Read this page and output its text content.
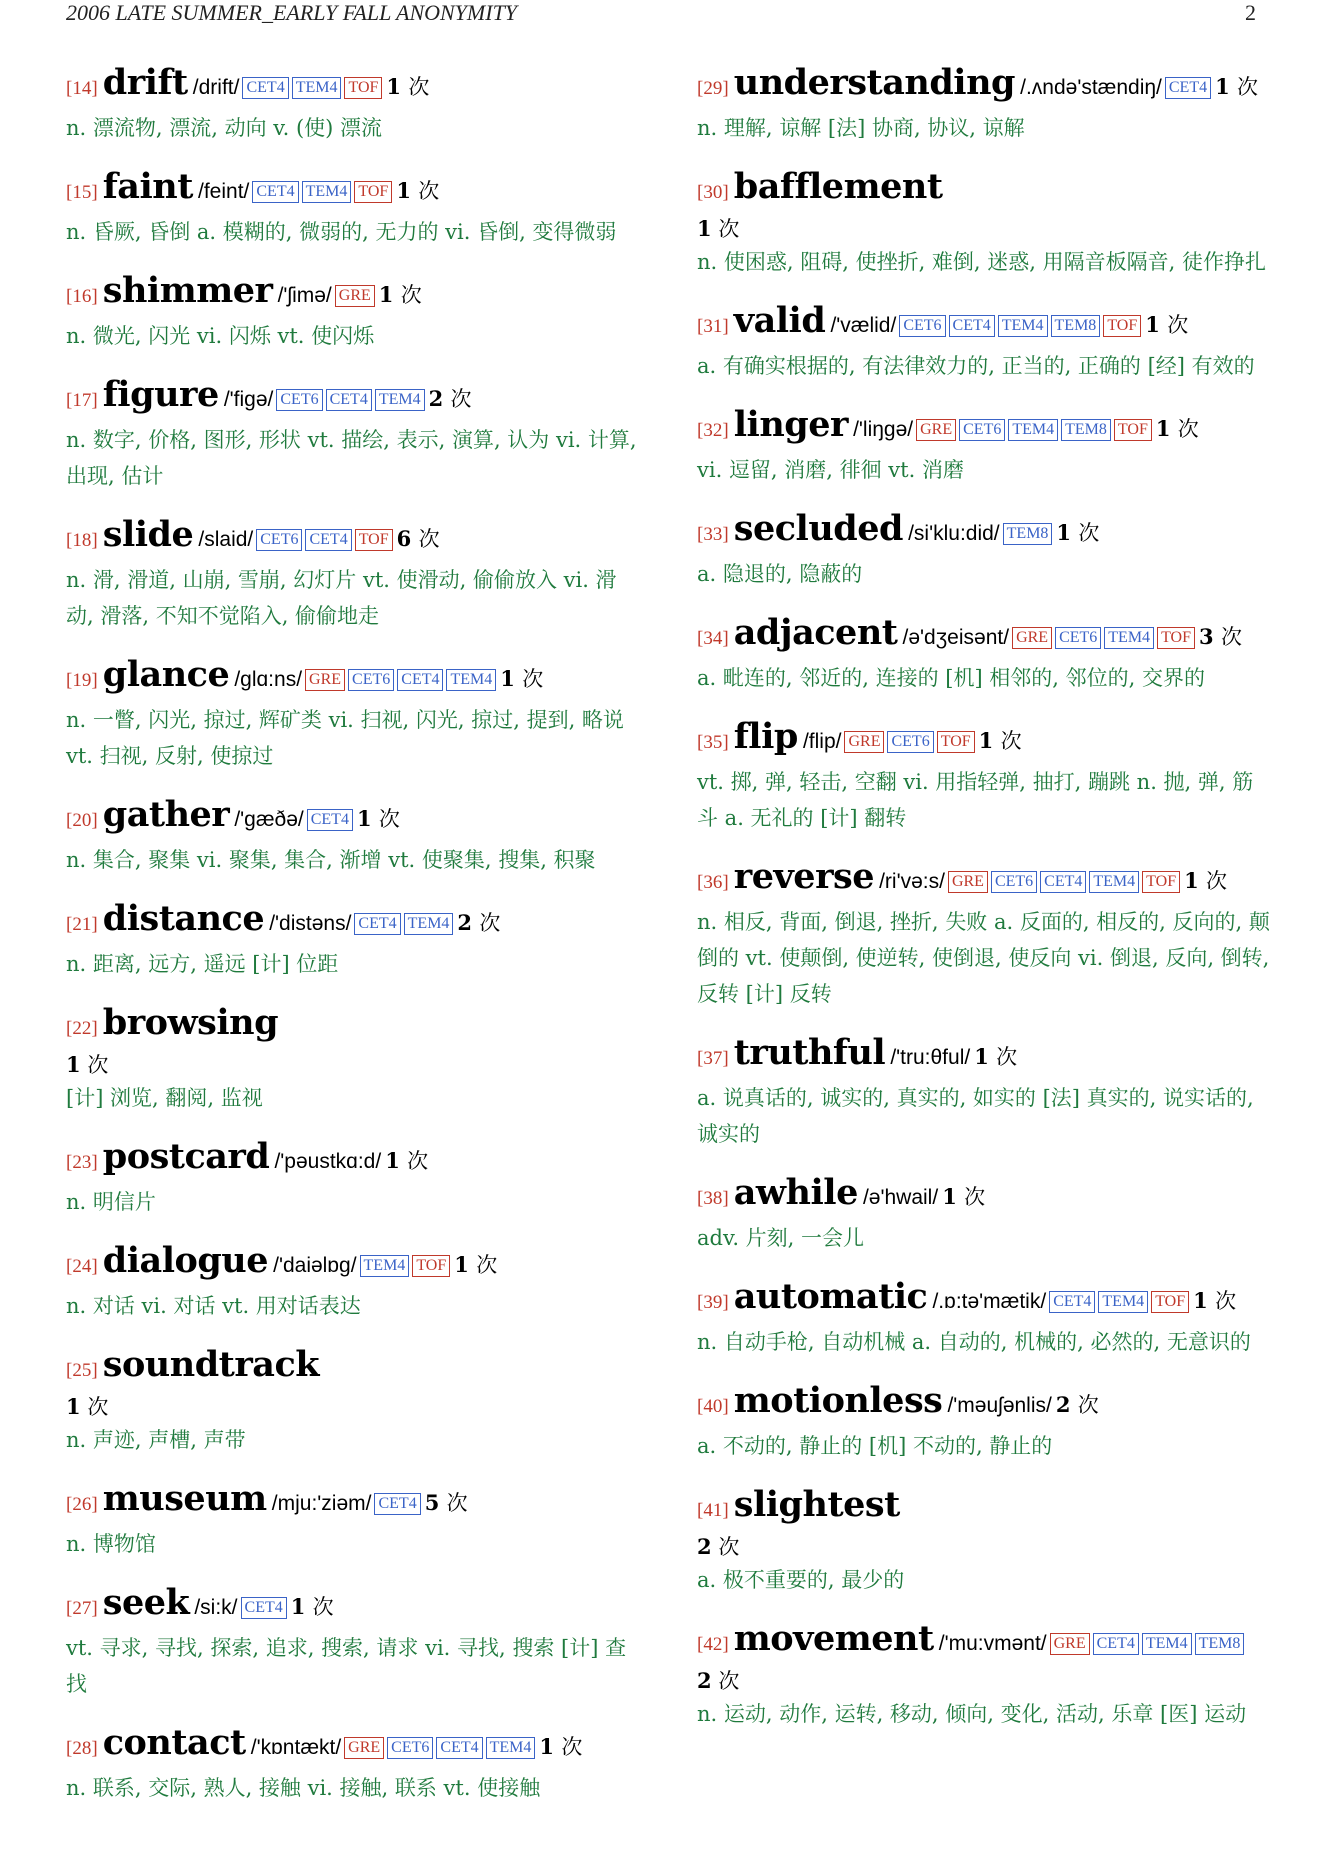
2006 LATE SUMMER_EARLY FALL ANONYMITY	2
[14] drift /drift/ CET4 TEM4 TOF 1 次
n. 漂流物, 漂流, 动向 v. (使) 漂流
[15] faint /feint/ CET4 TEM4 TOF 1 次
n. 昏厥, 昏倒 a. 模糊的, 微弱的, 无力的 vi. 昏倒, 变得微弱
[16] shimmer /'ʃimə/ GRE 1 次
n. 微光, 闪光 vi. 闪烁 vt. 使闪烁
[17] figure /'figə/ CET6 CET4 TEM4 2 次
n. 数字, 价格, 图形, 形状 vt. 描绘, 表示, 演算, 认为 vi. 计算, 出现, 估计
[18] slide /slaid/ CET6 CET4 TOF 6 次
n. 滑, 滑道, 山崩, 雪崩, 幻灯片 vt. 使滑动, 偷偷放入 vi. 滑动, 滑落, 不知不觉陷入, 偷偷地走
[19] glance /glɑ:ns/ GRE CET6 CET4 TEM4 1 次
n. 一瞥, 闪光, 掠过, 辉矿类 vi. 扫视, 闪光, 掠过, 提到, 略说 vt. 扫视, 反射, 使掠过
[20] gather /'gæðə/ CET4 1 次
n. 集合, 聚集 vi. 聚集, 集合, 渐增 vt. 使聚集, 搜集, 积聚
[21] distance /'distəns/ CET4 TEM4 2 次
n. 距离, 远方, 遥远 [计] 位距
[22] browsing
1 次
[计] 浏览, 翻阅, 监视
[23] postcard /'pəustkɑ:d/ 1 次
n. 明信片
[24] dialogue /'daiəlɒg/ TEM4 TOF 1 次
n. 对话 vi. 对话 vt. 用对话表达
[25] soundtrack
1 次
n. 声迹, 声槽, 声带
[26] museum /mju:'ziəm/ CET4 5 次
n. 博物馆
[27] seek /si:k/ CET4 1 次
vt. 寻求, 寻找, 探索, 追求, 搜索, 请求 vi. 寻找, 搜索 [计] 查找
[28] contact /'kɒntækt/ GRE CET6 CET4 TEM4 1 次
n. 联系, 交际, 熟人, 接触 vi. 接触, 联系 vt. 使接触
[29] understanding /.ʌndə'stændiŋ/ CET4 1 次
n. 理解, 谅解 [法] 协商, 协议, 谅解
[30] bafflement
1 次
n. 使困惑, 阻碍, 使挫折, 难倒, 迷惑, 用隔音板隔音, 徒作挣扎
[31] valid /'vælid/ CET6 CET4 TEM4 TEM8 TOF 1 次
a. 有确实根据的, 有法律效力的, 正当的, 正确的 [经] 有效的
[32] linger /'liŋgə/ GRE CET6 TEM4 TEM8 TOF 1 次
vi. 逗留, 消磨, 徘徊 vt. 消磨
[33] secluded /si'klu:did/ TEM8 1 次
a. 隐退的, 隐蔽的
[34] adjacent /ə'dʒeisənt/ GRE CET6 TEM4 TOF 3 次
a. 毗连的, 邻近的, 连接的 [机] 相邻的, 邻位的, 交界的
[35] flip /flip/ GRE CET6 TOF 1 次
vt. 掷, 弹, 轻击, 空翻 vi. 用指轻弹, 抽打, 蹦跳 n. 抛, 弹, 筋斗 a. 无礼的 [计] 翻转
[36] reverse /ri'və:s/ GRE CET6 CET4 TEM4 TOF 1 次
n. 相反, 背面, 倒退, 挫折, 失败 a. 反面的, 相反的, 反向的, 颠倒的 vt. 使颠倒, 使逆转, 使倒退, 使反向 vi. 倒退, 反向, 倒转, 反转 [计] 反转
[37] truthful /'tru:θful/ 1 次
a. 说真话的, 诚实的, 真实的, 如实的 [法] 真实的, 说实话的, 诚实的
[38] awhile /ə'hwail/ 1 次
adv. 片刻, 一会儿
[39] automatic /.ɒ:tə'mætik/ CET4 TEM4 TOF 1 次
n. 自动手枪, 自动机械 a. 自动的, 机械的, 必然的, 无意识的
[40] motionless /'məuʃənlis/ 2 次
a. 不动的, 静止的 [机] 不动的, 静止的
[41] slightest
2 次
a. 极不重要的, 最少的
[42] movement /'mu:vmənt/ GRE CET4 TEM4 TEM8
2 次
n. 运动, 动作, 运转, 移动, 倾向, 变化, 活动, 乐章 [医] 运动
